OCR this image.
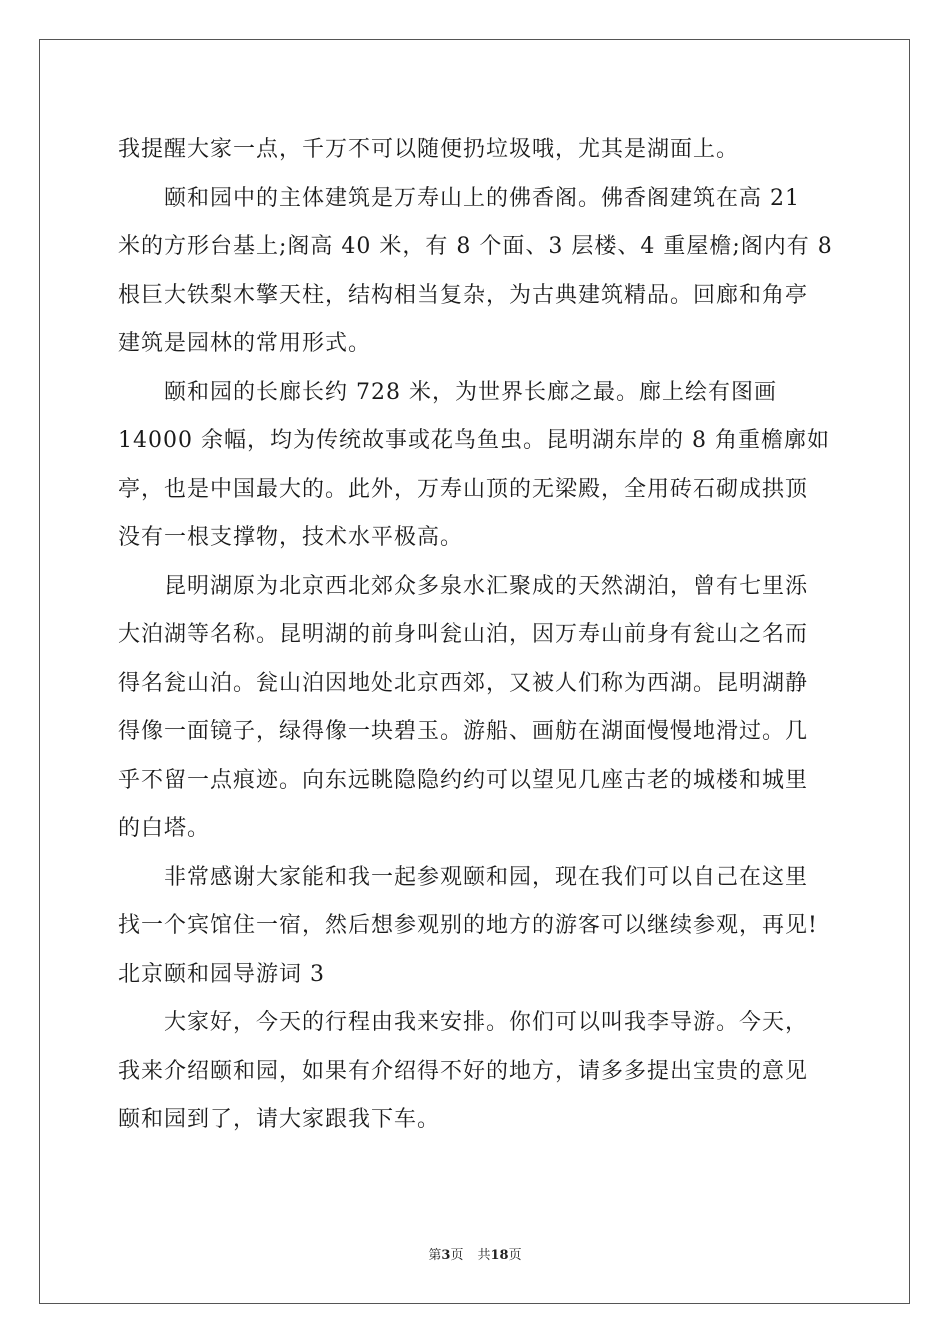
我提醒大家一点，千万不可以随便扔垃圾哦，尤其是湖面上。
颐和园中的主体建筑是万寿山上的佛香阁。佛香阁建筑在高 21
米的方形台基上;阁高 40 米，有 8 个面、3 层楼、4 重屋檐;阁内有 8
根巨大铁梨木擎天柱，结构相当复杂，为古典建筑精品。回廊和角亭
建筑是园林的常用形式。
颐和园的长廊长约 728 米，为世界长廊之最。廊上绘有图画
14000 余幅，均为传统故事或花鸟鱼虫。昆明湖东岸的 8 角重檐廓如
亭，也是中国最大的。此外，万寿山顶的无梁殿，全用砖石砌成拱顶
没有一根支撑物，技术水平极高。
昆明湖原为北京西北郊众多泉水汇聚成的天然湖泊，曾有七里泺
大泊湖等名称。昆明湖的前身叫瓮山泊，因万寿山前身有瓮山之名而
得名瓮山泊。瓮山泊因地处北京西郊，又被人们称为西湖。昆明湖静
得像一面镜子，绿得像一块碧玉。游船、画舫在湖面慢慢地滑过。几
乎不留一点痕迹。向东远眺隐隐约约可以望见几座古老的城楼和城里
的白塔。
非常感谢大家能和我一起参观颐和园，现在我们可以自己在这里
找一个宾馆住一宿，然后想参观别的地方的游客可以继续参观，再见!
北京颐和园导游词 3
大家好，今天的行程由我来安排。你们可以叫我李导游。今天，
我来介绍颐和园，如果有介绍得不好的地方，请多多提出宝贵的意见
颐和园到了，请大家跟我下车。
第3页 共18页
